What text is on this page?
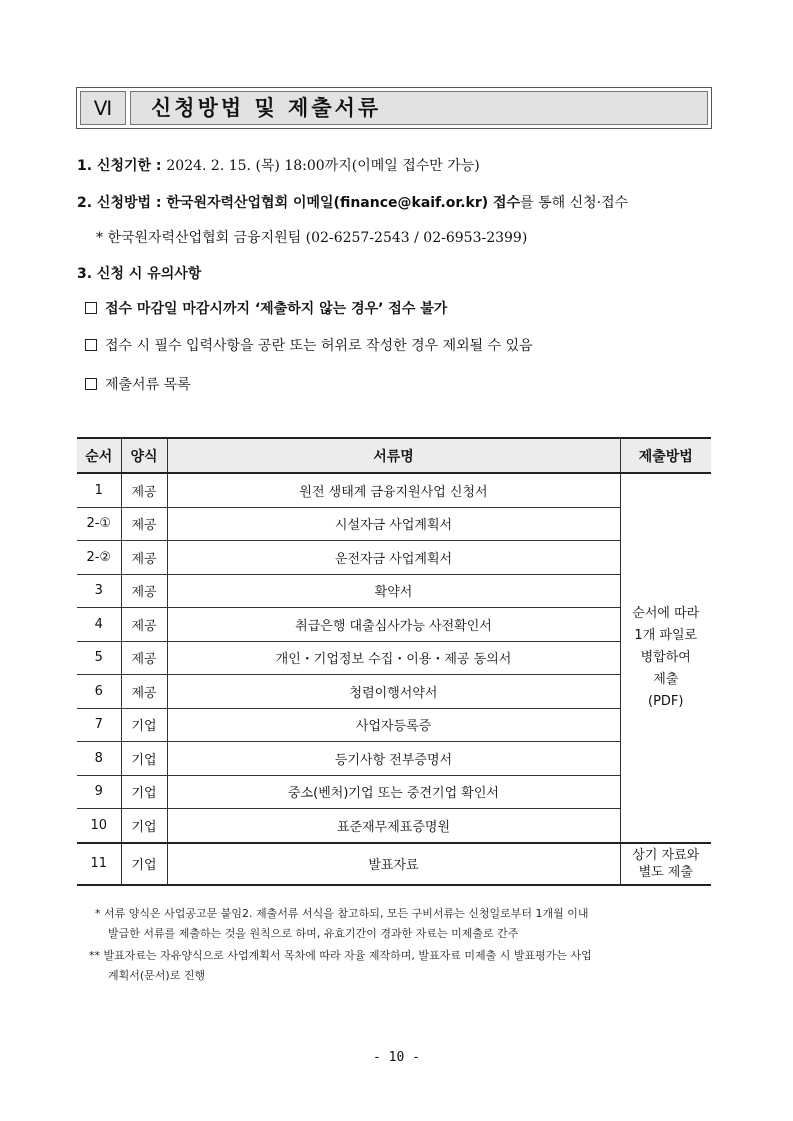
Ⅵ	신청방법 및 제출서류
1. 신청기한 : 2024. 2. 15. (목) 18:00까지(이메일 접수만 가능)
2. 신청방법 : 한국원자력산업협회 이메일(finance@kaif.or.kr) 접수를 통해 신청·접수
* 한국원자력산업협회 금융지원팀 (02-6257-2543 / 02-6953-2399)
3. 신청 시 유의사항
접수 마감일 마감시까지 ‘제출하지 않는 경우’ 접수 불가
접수 시 필수 입력사항을 공란 또는 허위로 작성한 경우 제외될 수 있음
제출서류 목록
순서	양식	서류명	제출방법
1	제공	원전 생태계 금융지원사업 신청서	순서에 따라
1개 파일로
병합하여
제출
(PDF)

2-①	제공	시설자금 사업계획서	
2-②	제공	운전자금 사업계획서	
3	제공	확약서	
4	제공	취급은행 대출심사가능 사전확인서	
5	제공	개인・기업정보 수집・이용・제공 동의서	
6	제공	청렴이행서약서	
7	기업	사업자등록증	
8	기업	등기사항 전부증명서	
9	기업	중소(벤처)기업 또는 중견기업 확인서	
10	기업	표준재무제표증명원	
11	기업	발표자료	상기 자료와
별도 제출
* 서류 양식은 사업공고문 붙임2. 제출서류 서식을 참고하되, 모든 구비서류는 신청일로부터 1개월 이내
발급한 서류를 제출하는 것을 원칙으로 하며, 유효기간이 경과한 자료는 미제출로 간주
** 발표자료는 자유양식으로 사업계획서 목차에 따라 자율 제작하며, 발표자료 미제출 시 발표평가는 사업
계획서(문서)로 진행
- 10 -
